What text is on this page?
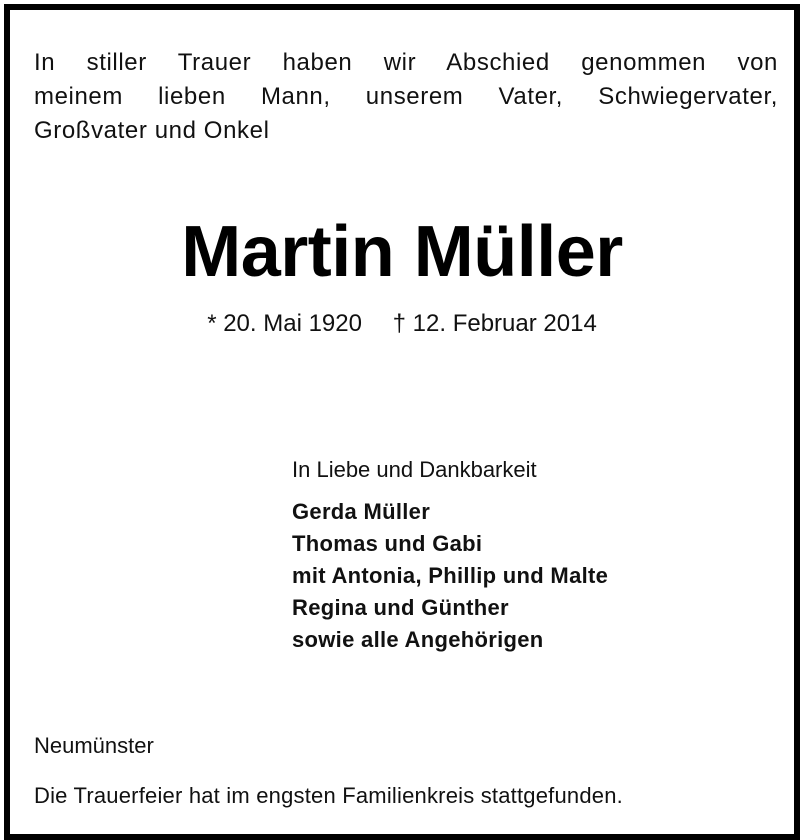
In stiller Trauer haben wir Abschied genommen von
meinem lieben Mann, unserem Vater, Schwiegervater,
Großvater und Onkel

Martin Müller
* 20. Mai 1920 † 12. Februar 2014

In Liebe und Dankbarkeit

Gerda Müller
Thomas und Gabi
mit Antonia, Phillip und Malte
Regina und Günther
sowie alle Angehörigen
Neumünster
Die Trauerfeier hat im engsten Familienkreis stattgefunden.
